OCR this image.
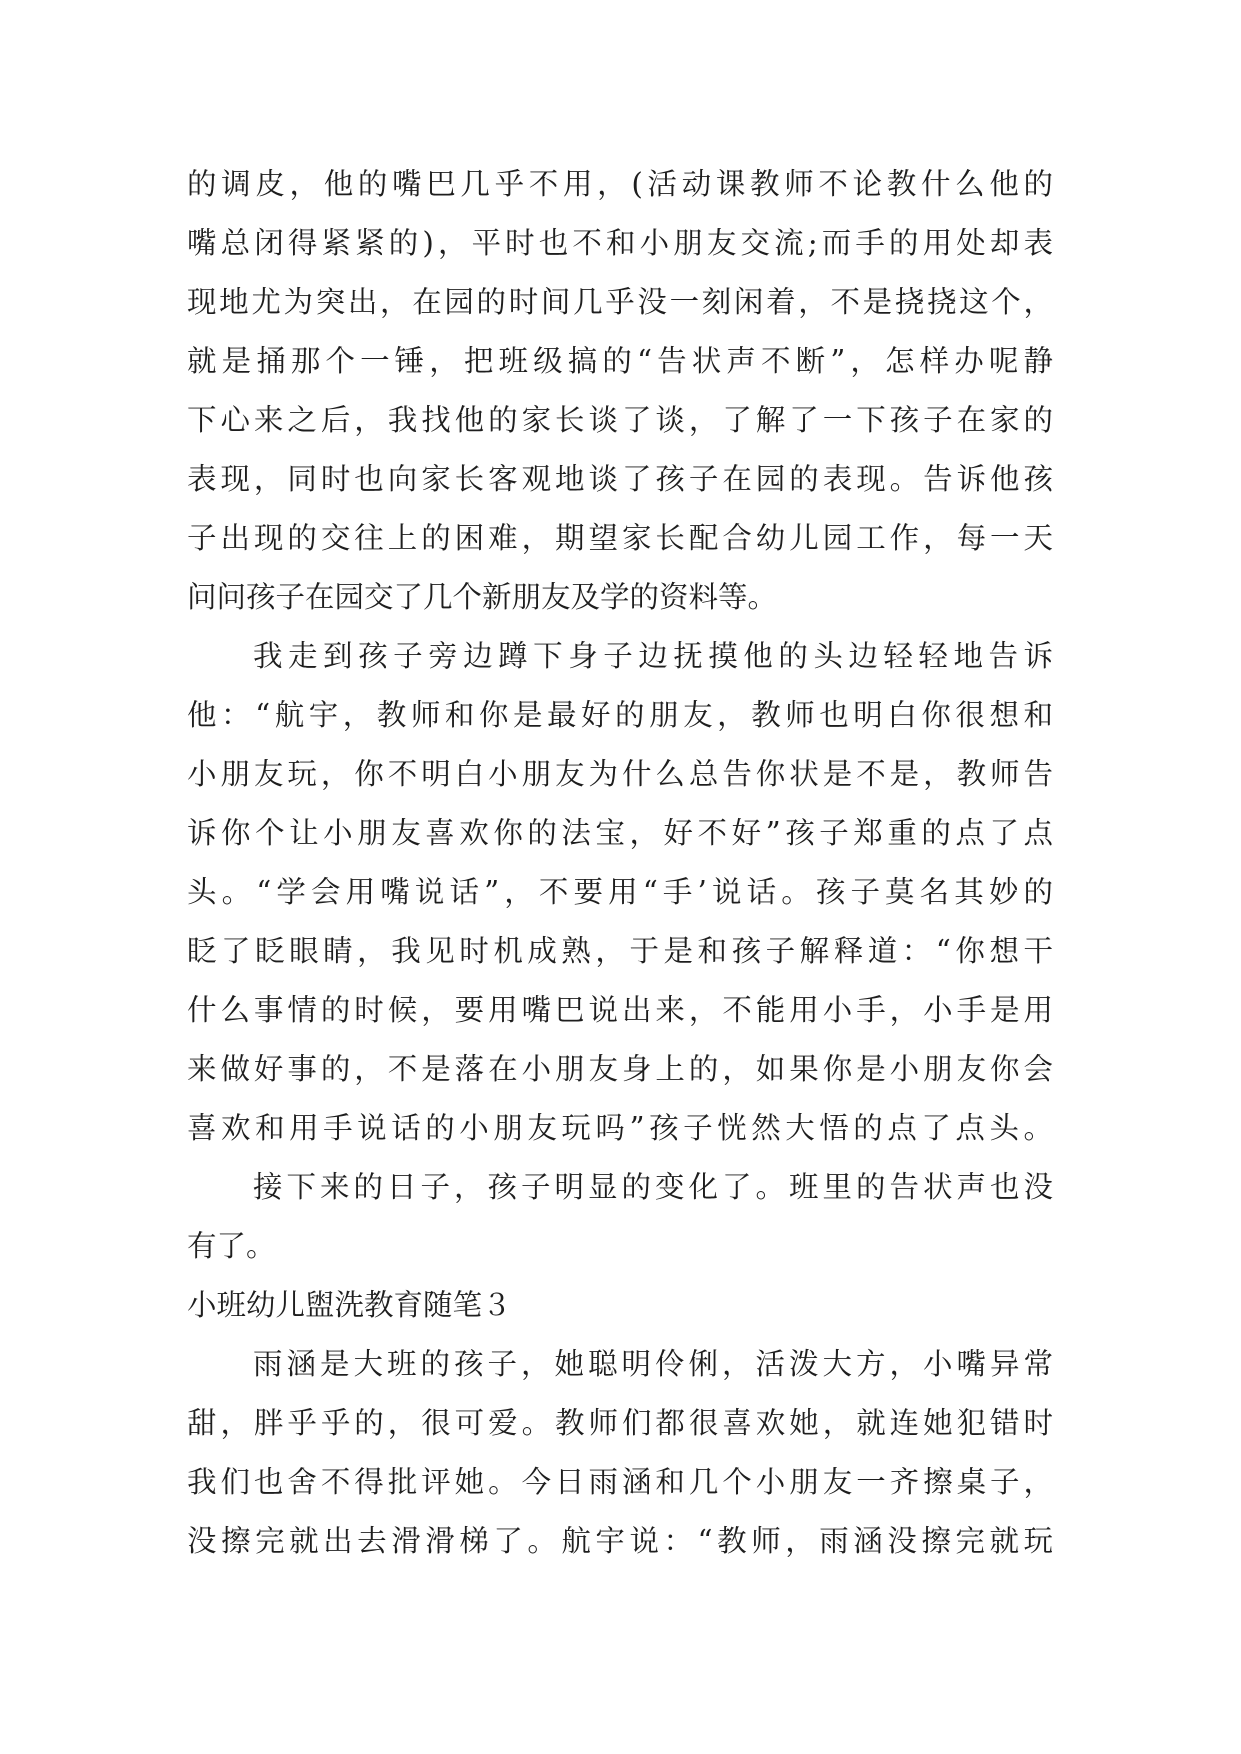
的调皮，他的嘴巴几乎不用，(活动课教师不论教什么他的
嘴总闭得紧紧的)，平时也不和小朋友交流;而手的用处却表
现地尤为突出，在园的时间几乎没一刻闲着，不是挠挠这个，
就是捅那个一锤，把班级搞的“告状声不断”，怎样办呢静
下心来之后，我找他的家长谈了谈，了解了一下孩子在家的
表现，同时也向家长客观地谈了孩子在园的表现。告诉他孩
子出现的交往上的困难，期望家长配合幼儿园工作，每一天
问问孩子在园交了几个新朋友及学的资料等。
我走到孩子旁边蹲下身子边抚摸他的头边轻轻地告诉
他：“航宇，教师和你是最好的朋友，教师也明白你很想和
小朋友玩，你不明白小朋友为什么总告你状是不是，教师告
诉你个让小朋友喜欢你的法宝，好不好”孩子郑重的点了点
头。“学会用嘴说话”，不要用“手’说话。孩子莫名其妙的
眨了眨眼睛，我见时机成熟，于是和孩子解释道：“你想干
什么事情的时候，要用嘴巴说出来，不能用小手，小手是用
来做好事的，不是落在小朋友身上的，如果你是小朋友你会
喜欢和用手说话的小朋友玩吗”孩子恍然大悟的点了点头。
接下来的日子，孩子明显的变化了。班里的告状声也没
有了。
小班幼儿盥洗教育随笔３
雨涵是大班的孩子，她聪明伶俐，活泼大方，小嘴异常
甜，胖乎乎的，很可爱。教师们都很喜欢她，就连她犯错时
我们也舍不得批评她。今日雨涵和几个小朋友一齐擦桌子，
没擦完就出去滑滑梯了。航宇说：“教师，雨涵没擦完就玩
